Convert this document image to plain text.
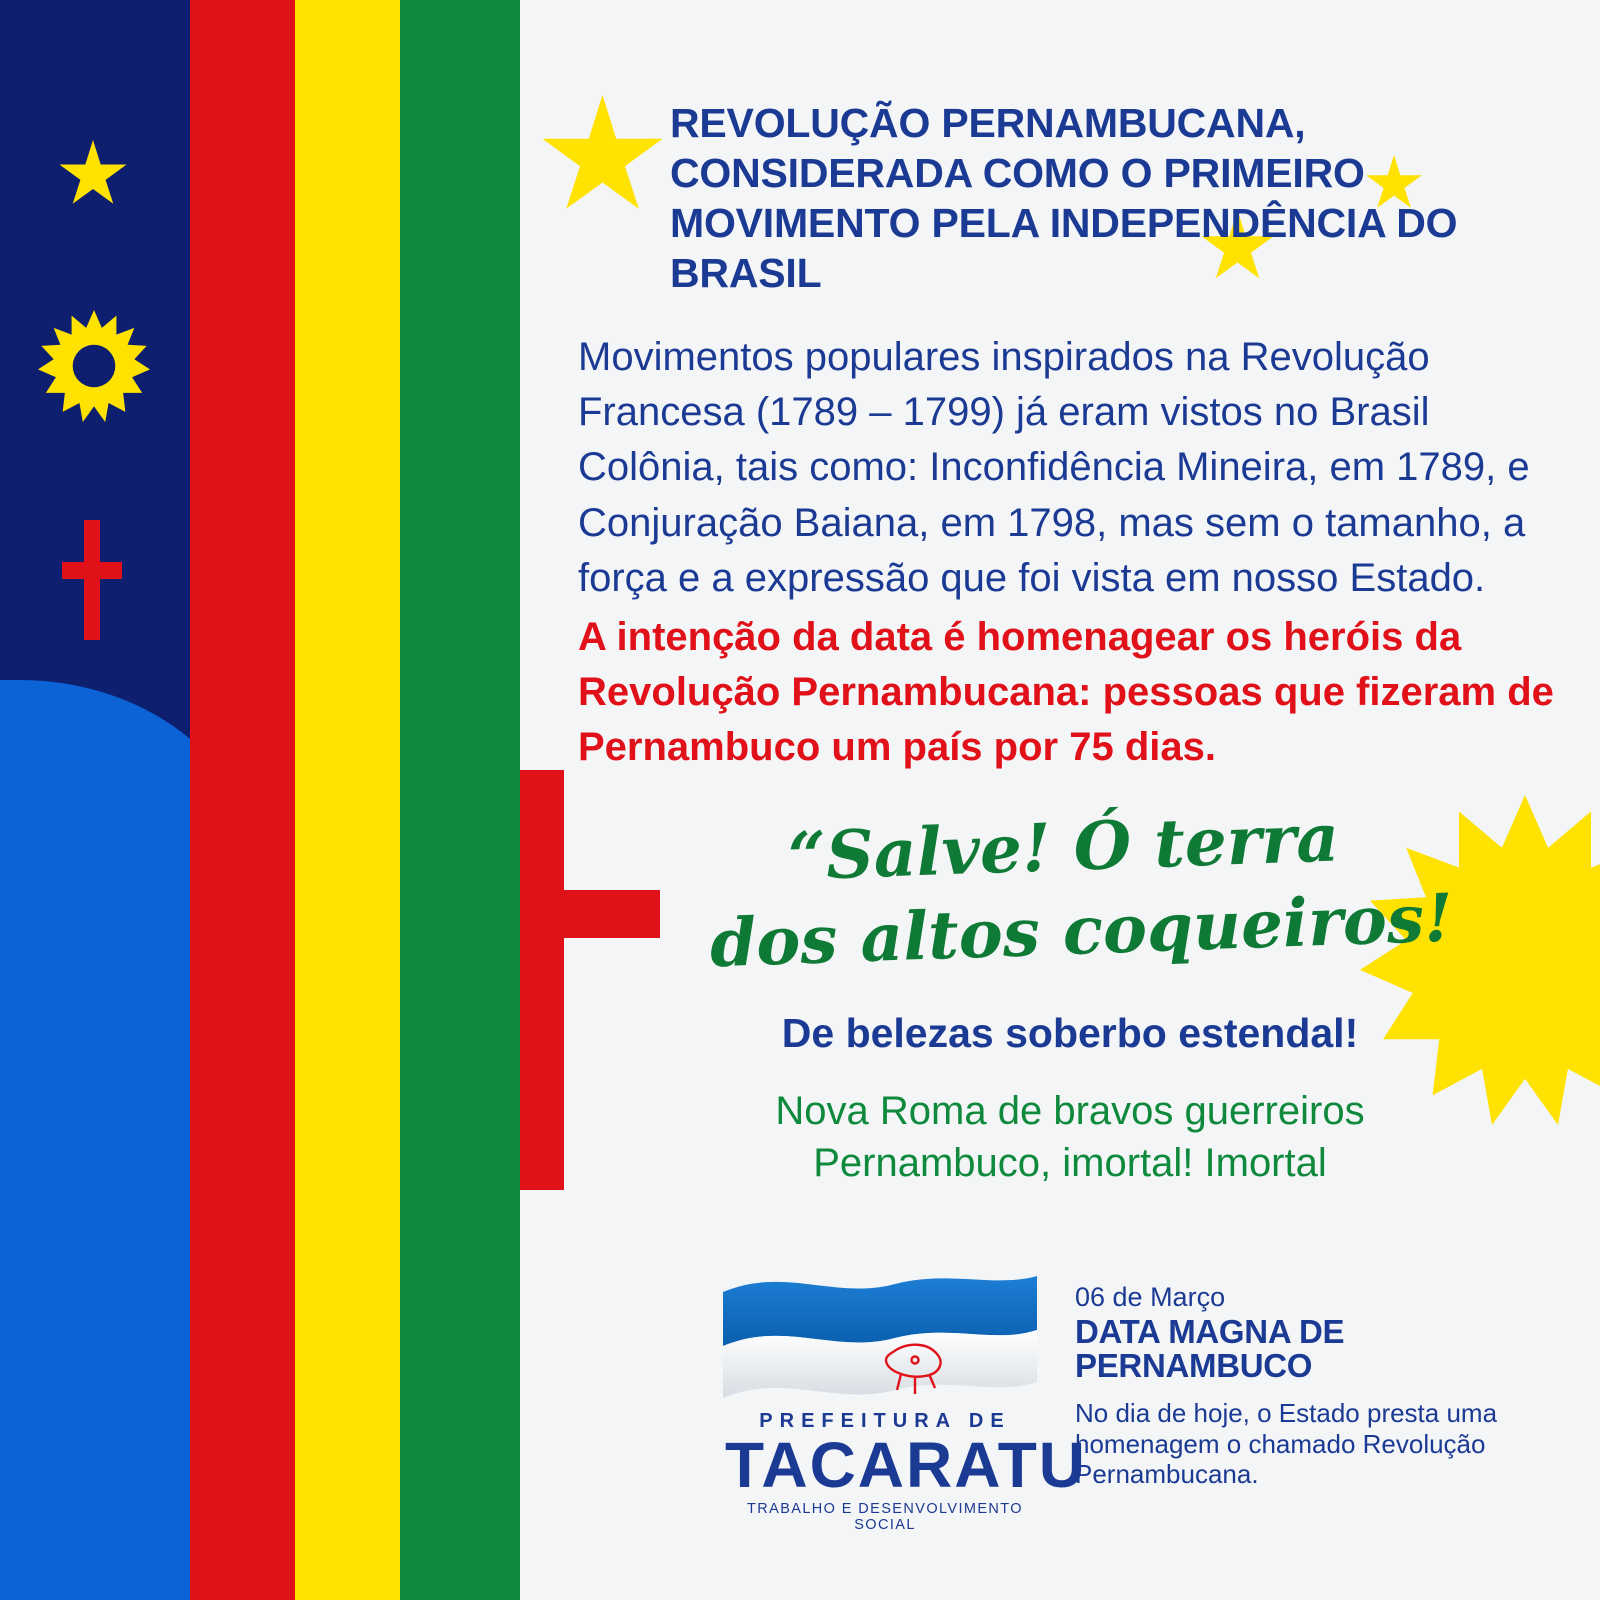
REVOLUÇÃO PERNAMBUCANA, CONSIDERADA COMO O PRIMEIRO MOVIMENTO PELA INDEPENDÊNCIA DO BRASIL
Movimentos populares inspirados na Revolução Francesa (1789 – 1799) já eram vistos no Brasil Colônia, tais como: Inconfidência Mineira, em 1789, e Conjuração Baiana, em 1798, mas sem o tamanho, a força e a expressão que foi vista em nosso Estado.
A intenção da data é homenagear os heróis da Revolução Pernambucana: pessoas que fizeram de Pernambuco um país por 75 dias.
“Salve! Ó terra
dos altos coqueiros!
De belezas soberbo estendal!
Nova Roma de bravos guerreiros
Pernambuco, imortal! Imortal
PREFEITURA DE
TACARATU
TRABALHO E DESENVOLVIMENTO SOCIAL
06 de Março
DATA MAGNA DE PERNAMBUCO
No dia de hoje, o Estado presta uma homenagem o chamado Revolução Pernambucana.
